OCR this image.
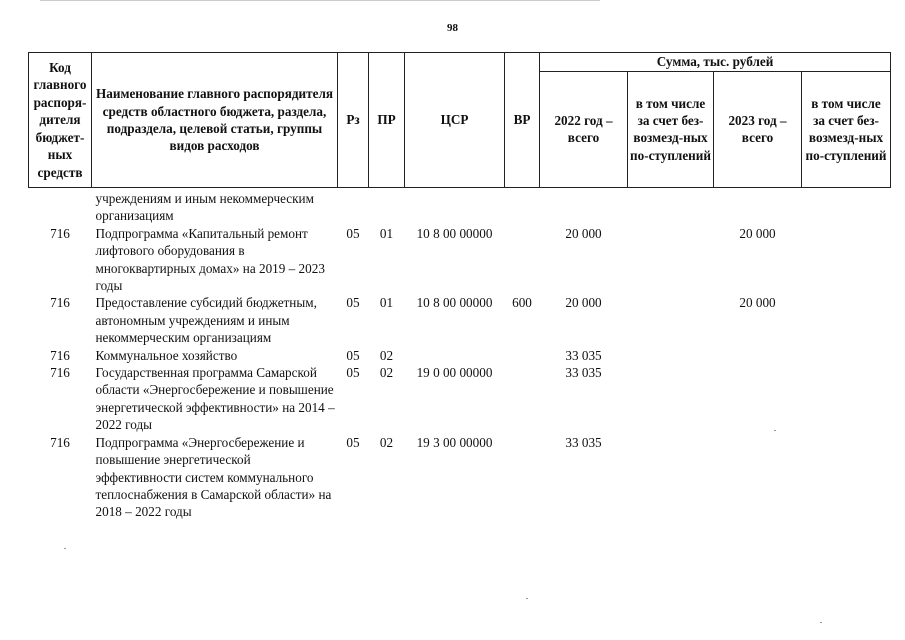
98
Код главного распоря-дителя бюджет-ных средств	Наименование главного распорядителя средств областного бюджета, раздела, подраздела, целевой статьи, группы видов расходов	Рз	ПР	ЦСР	ВР	Сумма, тыс. рублей			
						2022 год – всего	в том числе за счет без-возмезд-ных по-ступлений	2023 год – всего	в том числе за счет без-возмезд-ных по-ступлений
	учреждениям и иным некоммерческим организациям								
716	Подпрограмма «Капитальный ремонт лифтового оборудования в многоквартирных домах» на 2019 – 2023 годы	05	01	10 8 00 00000		20 000		20 000	
716	Предоставление субсидий бюджетным, автономным учреждениям и иным некоммерческим организациям	05	01	10 8 00 00000	600	20 000		20 000	
716	Коммунальное хозяйство	05	02			33 035			
716	Государственная программа Самарской области «Энергосбережение и повышение энергетической эффективности» на 2014 – 2022 годы	05	02	19 0 00 00000		33 035			
716	Подпрограмма «Энергосбережение и повышение энергетической эффективности систем коммунального теплоснабжения в Самарской области» на 2018 – 2022 годы	05	02	19 3 00 00000		33 035			
